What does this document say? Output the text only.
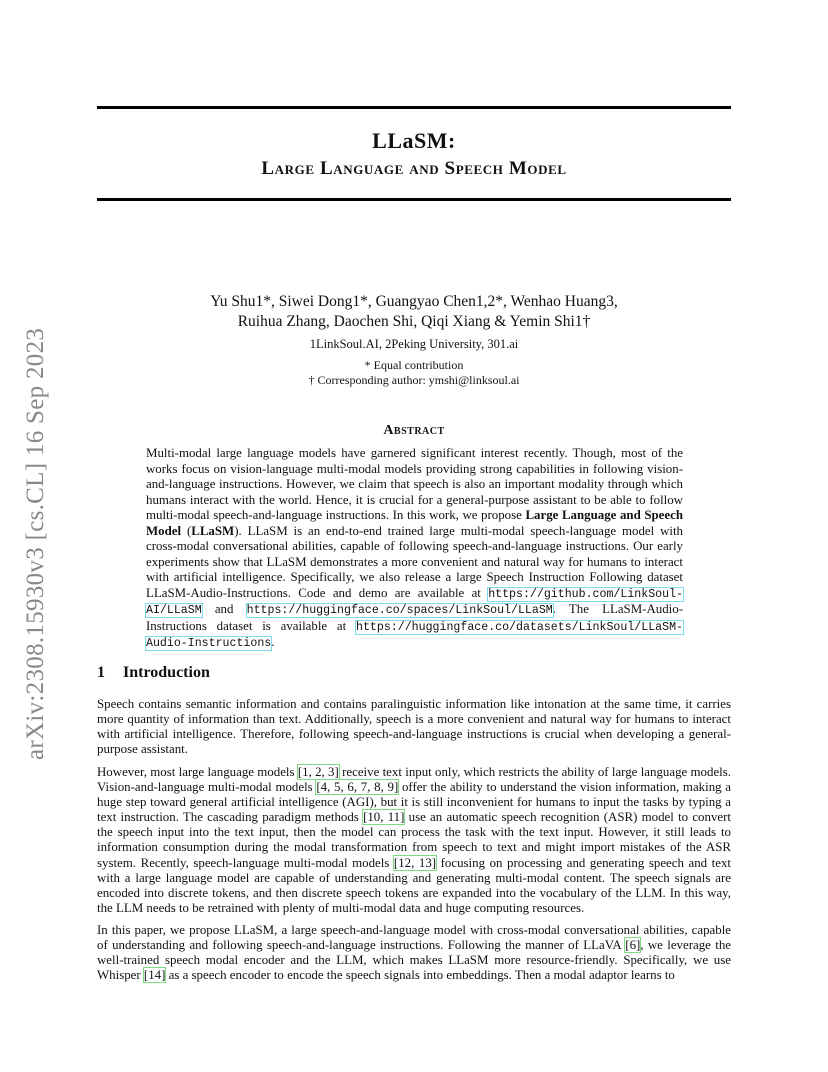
LLaSM:
Large Language and Speech Model
arXiv:2308.15930v3 [cs.CL] 16 Sep 2023
Yu Shu1*, Siwei Dong1*, Guangyao Chen1,2*, Wenhao Huang3,
Ruihua Zhang, Daochen Shi, Qiqi Xiang & Yemin Shi1†
1LinkSoul.AI, 2Peking University, 301.ai
* Equal contribution
† Corresponding author: ymshi@linksoul.ai
Abstract
Multi-modal large language models have garnered significant interest recently. Though, most of the works focus on vision-language multi-modal models providing strong capabilities in following vision-and-language instructions. However, we claim that speech is also an important modality through which humans interact with the world. Hence, it is crucial for a general-purpose assistant to be able to follow multi-modal speech-and-language instructions. In this work, we propose Large Language and Speech Model (LLaSM). LLaSM is an end-to-end trained large multi-modal speech-language model with cross-modal conversational abilities, capable of following speech-and-language instructions. Our early experiments show that LLaSM demonstrates a more convenient and natural way for humans to interact with artificial intelligence. Specifically, we also release a large Speech Instruction Following dataset LLaSM-Audio-Instructions. Code and demo are available at https://github.com/LinkSoul-AI/LLaSM and https://huggingface.co/spaces/LinkSoul/LLaSM. The LLaSM-Audio-Instructions dataset is available at https://huggingface.co/datasets/LinkSoul/LLaSM-Audio-Instructions.
1 Introduction
Speech contains semantic information and contains paralinguistic information like intonation at the same time, it carries more quantity of information than text. Additionally, speech is a more convenient and natural way for humans to interact with artificial intelligence. Therefore, following speech-and-language instructions is crucial when developing a general-purpose assistant.
However, most large language models [1, 2, 3] receive text input only, which restricts the ability of large language models. Vision-and-language multi-modal models [4, 5, 6, 7, 8, 9] offer the ability to understand the vision information, making a huge step toward general artificial intelligence (AGI), but it is still inconvenient for humans to input the tasks by typing a text instruction. The cascading paradigm methods [10, 11] use an automatic speech recognition (ASR) model to convert the speech input into the text input, then the model can process the task with the text input. However, it still leads to information consumption during the modal transformation from speech to text and might import mistakes of the ASR system. Recently, speech-language multi-modal models [12, 13] focusing on processing and generating speech and text with a large language model are capable of understanding and generating multi-modal content. The speech signals are encoded into discrete tokens, and then discrete speech tokens are expanded into the vocabulary of the LLM. In this way, the LLM needs to be retrained with plenty of multi-modal data and huge computing resources.
In this paper, we propose LLaSM, a large speech-and-language model with cross-modal conversational abilities, capable of understanding and following speech-and-language instructions. Following the manner of LLaVA [6], we leverage the well-trained speech modal encoder and the LLM, which makes LLaSM more resource-friendly. Specifically, we use Whisper [14] as a speech encoder to encode the speech signals into embeddings. Then a modal adaptor learns to
